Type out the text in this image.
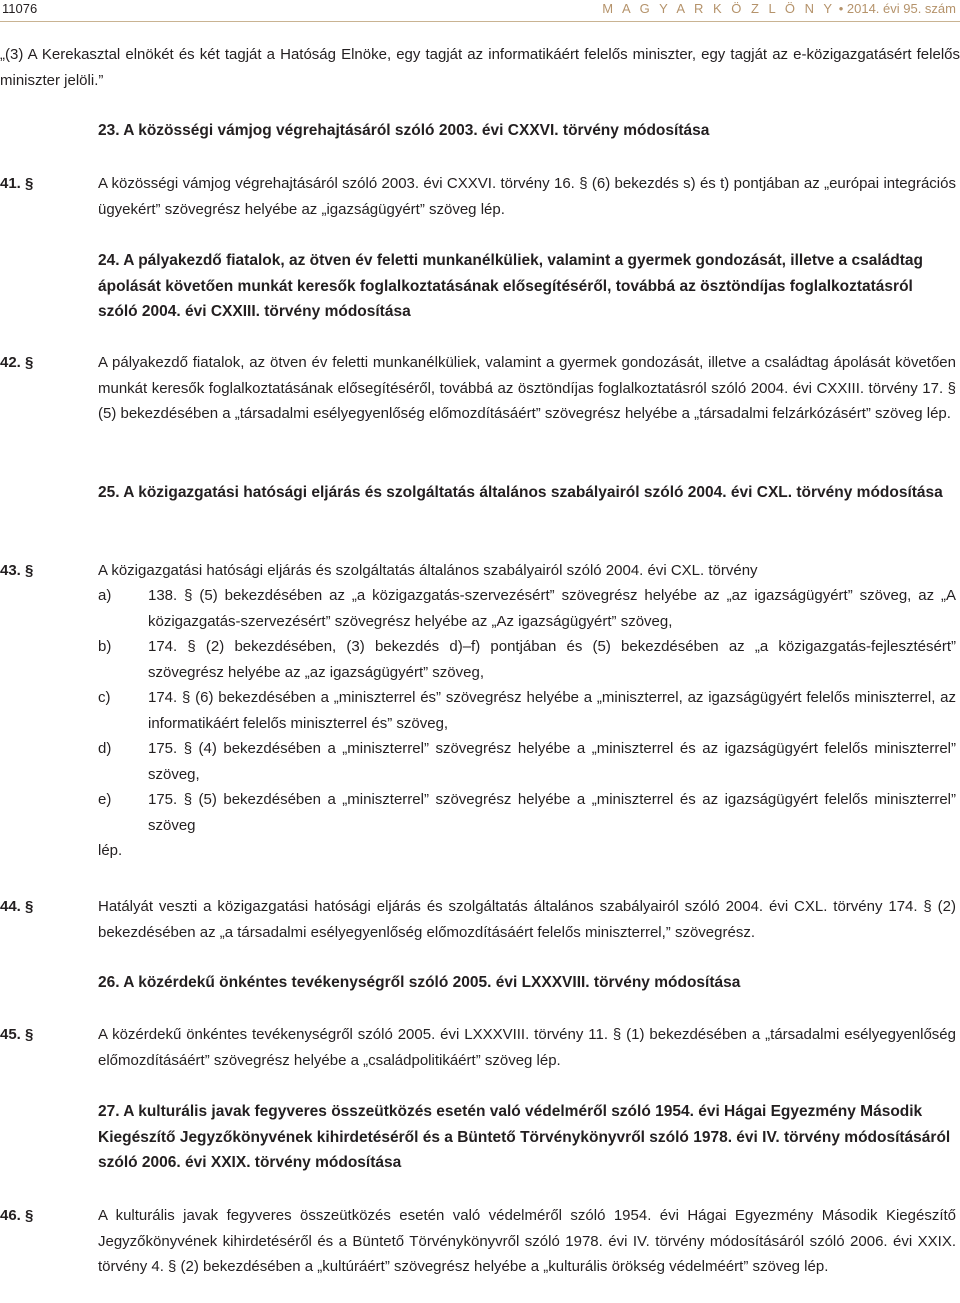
11076	M A G Y A R K Ö Z L Ö N Y • 2014. évi 95. szám
„(3) A Kerekasztal elnökét és két tagját a Hatóság Elnöke, egy tagját az informatikáért felelős miniszter, egy tagját az e-közigazgatásért felelős miniszter jelöli.”
23. A közösségi vámjog végrehajtásáról szóló 2003. évi CXXVI. törvény módosítása
41. §	A közösségi vámjog végrehajtásáról szóló 2003. évi CXXVI. törvény 16. § (6) bekezdés s) és t) pontjában az „európai integrációs ügyekért” szövegrész helyébe az „igazságügyért” szöveg lép.
24. A pályakezdő fiatalok, az ötven év feletti munkanélküliek, valamint a gyermek gondozását, illetve a családtag ápolását követően munkát keresők foglalkoztatásának elősegítéséről, továbbá az ösztöndíjas foglalkoztatásról szóló 2004. évi CXXIII. törvény módosítása
42. §	A pályakezdő fiatalok, az ötven év feletti munkanélküliek, valamint a gyermek gondozását, illetve a családtag ápolását követően munkát keresők foglalkoztatásának elősegítéséről, továbbá az ösztöndíjas foglalkoztatásról szóló 2004. évi CXXIII. törvény 17. § (5) bekezdésében a „társadalmi esélyegyenlőség előmozdításáért” szövegrész helyébe a „társadalmi felzárkózásért” szöveg lép.
25. A közigazgatási hatósági eljárás és szolgáltatás általános szabályairól szóló 2004. évi CXL. törvény módosítása
43. §	A közigazgatási hatósági eljárás és szolgáltatás általános szabályairól szóló 2004. évi CXL. törvény
a) 138. § (5) bekezdésében az „a közigazgatás-szervezésért” szövegrész helyébe az „az igazságügyért” szöveg, az „A közigazgatás-szervezésért” szövegrész helyébe az „Az igazságügyért” szöveg,
b) 174. § (2) bekezdésében, (3) bekezdés d)–f) pontjában és (5) bekezdésében az „a közigazgatás-fejlesztésért” szövegrész helyébe az „az igazságügyért” szöveg,
c)	174. § (6) bekezdésében a „miniszterrel és” szövegrész helyébe a „miniszterrel, az igazságügyért felelős miniszterrel, az informatikáért felelős miniszterrel és” szöveg,
d) 175. § (4) bekezdésében a „miniszterrel” szövegrész helyébe a „miniszterrel és az igazságügyért felelős miniszterrel” szöveg,
e) 175. § (5) bekezdésében a „miniszterrel” szövegrész helyébe a „miniszterrel és az igazságügyért felelős miniszterrel” szöveg
lép.
44. §	Hatályát veszti a közigazgatási hatósági eljárás és szolgáltatás általános szabályairól szóló 2004. évi CXL. törvény 174. § (2) bekezdésében az „a társadalmi esélyegyenlőség előmozdításáért felelős miniszterrel,” szövegrész.
26. A közérdekű önkéntes tevékenységről szóló 2005. évi LXXXVIII. törvény módosítása
45. §	A közérdekű önkéntes tevékenységről szóló 2005. évi LXXXVIII. törvény 11. § (1) bekezdésében a „társadalmi esélyegyenlőség előmozdításáért” szövegrész helyébe a „családpolitikáért” szöveg lép.
27. A kulturális javak fegyveres összeütközés esetén való védelméről szóló 1954. évi Hágai Egyezmény Második Kiegészítő Jegyzőkönyvének kihirdetéséről és a Büntető Törvénykönyvről szóló 1978. évi IV. törvény módosításáról szóló 2006. évi XXIX. törvény módosítása
46. §	A kulturális javak fegyveres összeütközés esetén való védelméről szóló 1954. évi Hágai Egyezmény Második Kiegészítő Jegyzőkönyvének kihirdetéséről és a Büntető Törvénykönyvről szóló 1978. évi IV. törvény módosításáról szóló 2006. évi XXIX. törvény 4. § (2) bekezdésében a „kultúráért” szövegrész helyébe a „kulturális örökség védelméért” szöveg lép.
